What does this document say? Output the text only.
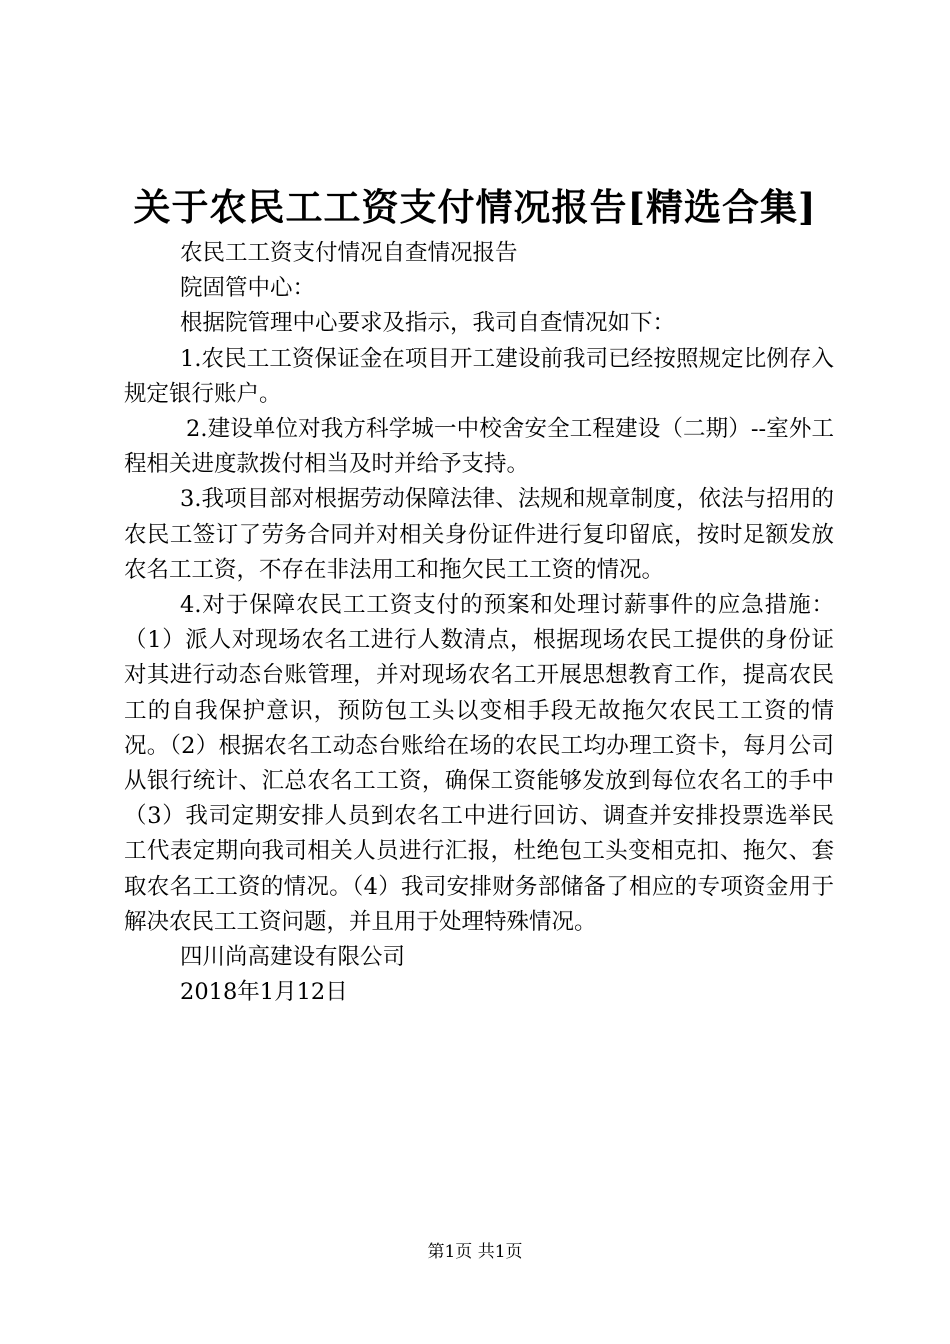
关于农民工工资支付情况报告[精选合集]

农民工工资支付情况自查情况报告

院固管中心：

根据院管理中心要求及指示，我司自查情况如下：

1.农民工工资保证金在项目开工建设前我司已经按照规定比例存入规定银行账户。

2.建设单位对我方科学城一中校舍安全工程建设（二期）--室外工程相关进度款拨付相当及时并给予支持。

3.我项目部对根据劳动保障法律、法规和规章制度，依法与招用的农民工签订了劳务合同并对相关身份证件进行复印留底，按时足额发放农名工工资，不存在非法用工和拖欠民工工资的情况。

4.对于保障农民工工资支付的预案和处理讨薪事件的应急措施：（1）派人对现场农名工进行人数清点，根据现场农民工提供的身份证对其进行动态台账管理，并对现场农名工开展思想教育工作，提高农民工的自我保护意识，预防包工头以变相手段无故拖欠农民工工资的情况。（2）根据农名工动态台账给在场的农民工均办理工资卡，每月公司从银行统计、汇总农名工工资，确保工资能够发放到每位农名工的手中（3）我司定期安排人员到农名工中进行回访、调查并安排投票选举民工代表定期向我司相关人员进行汇报，杜绝包工头变相克扣、拖欠、套取农名工工资的情况。（4）我司安排财务部储备了相应的专项资金用于解决农民工工资问题，并且用于处理特殊情况。

四川尚高建设有限公司

2018年1月12日

第1页 共1页
